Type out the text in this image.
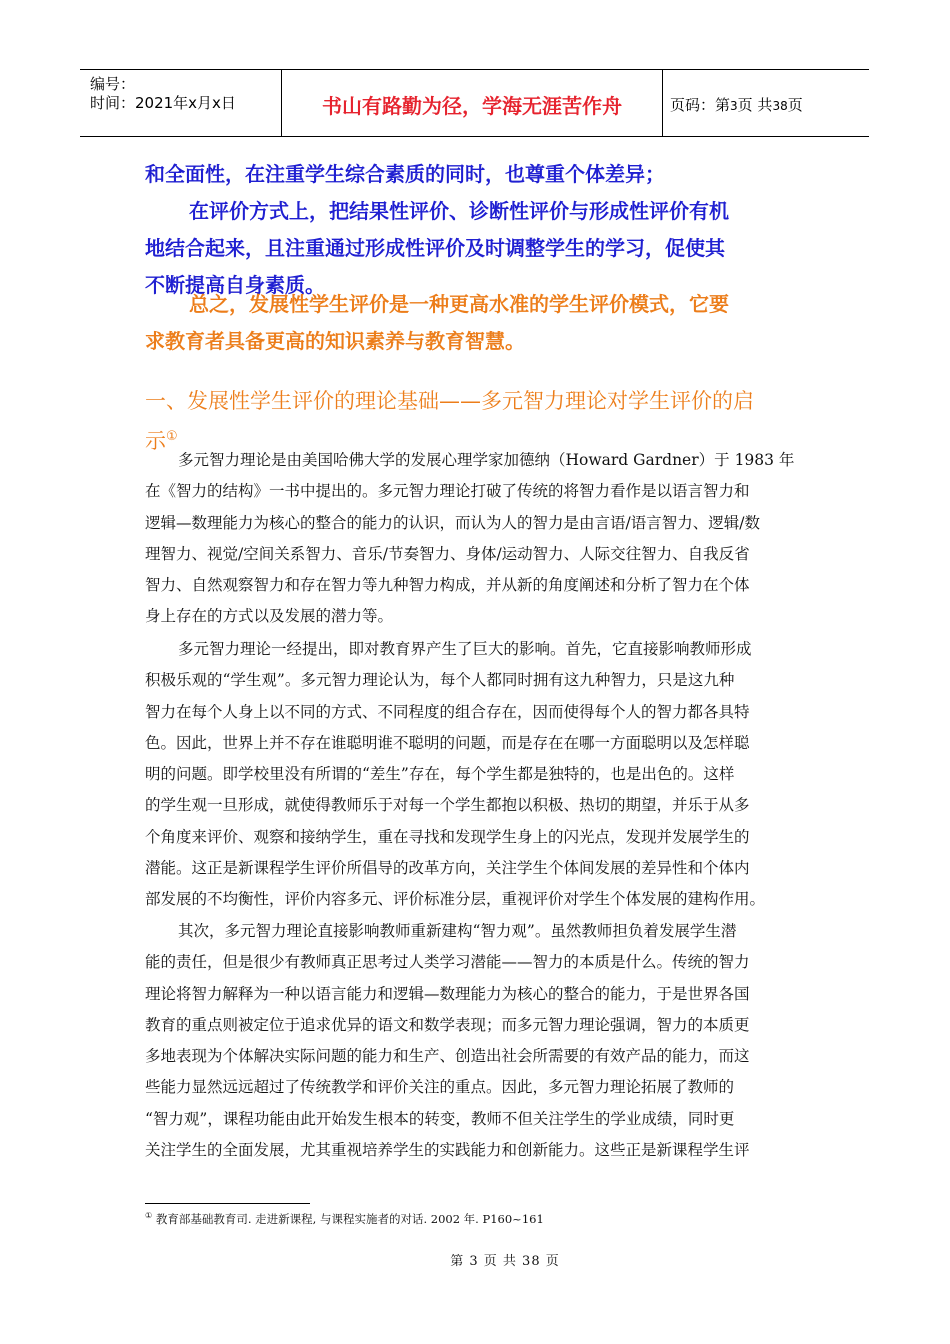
编号：
时间：2021年x月x日	书山有路勤为径，学海无涯苦作舟	页码：第3页 共38页
和全面性，在注重学生综合素质的同时，也尊重个体差异；
在评价方式上，把结果性评价、诊断性评价与形成性评价有机
地结合起来，且注重通过形成性评价及时调整学生的学习，促使其
不断提高自身素质。
总之，发展性学生评价是一种更高水准的学生评价模式，它要
求教育者具备更高的知识素养与教育智慧。
一、发展性学生评价的理论基础——多元智力理论对学生评价的启
示①
多元智力理论是由美国哈佛大学的发展心理学家加德纳（Howard Gardner）于 1983 年
在《智力的结构》一书中提出的。多元智力理论打破了传统的将智力看作是以语言智力和
逻辑—数理能力为核心的整合的能力的认识，而认为人的智力是由言语/语言智力、逻辑/数
理智力、视觉/空间关系智力、音乐/节奏智力、身体/运动智力、人际交往智力、自我反省
智力、自然观察智力和存在智力等九种智力构成，并从新的角度阐述和分析了智力在个体
身上存在的方式以及发展的潜力等。
多元智力理论一经提出，即对教育界产生了巨大的影响。首先，它直接影响教师形成
积极乐观的“学生观”。多元智力理论认为，每个人都同时拥有这九种智力，只是这九种
智力在每个人身上以不同的方式、不同程度的组合存在，因而使得每个人的智力都各具特
色。因此，世界上并不存在谁聪明谁不聪明的问题，而是存在在哪一方面聪明以及怎样聪
明的问题。即学校里没有所谓的“差生”存在，每个学生都是独特的，也是出色的。这样
的学生观一旦形成，就使得教师乐于对每一个学生都抱以积极、热切的期望，并乐于从多
个角度来评价、观察和接纳学生，重在寻找和发现学生身上的闪光点，发现并发展学生的
潜能。这正是新课程学生评价所倡导的改革方向，关注学生个体间发展的差异性和个体内
部发展的不均衡性，评价内容多元、评价标准分层，重视评价对学生个体发展的建构作用。
其次，多元智力理论直接影响教师重新建构“智力观”。虽然教师担负着发展学生潜
能的责任，但是很少有教师真正思考过人类学习潜能——智力的本质是什么。传统的智力
理论将智力解释为一种以语言能力和逻辑—数理能力为核心的整合的能力，于是世界各国
教育的重点则被定位于追求优异的语文和数学表现；而多元智力理论强调，智力的本质更
多地表现为个体解决实际问题的能力和生产、创造出社会所需要的有效产品的能力，而这
些能力显然远远超过了传统教学和评价关注的重点。因此，多元智力理论拓展了教师的
“智力观”，课程功能由此开始发生根本的转变，教师不但关注学生的学业成绩，同时更
关注学生的全面发展，尤其重视培养学生的实践能力和创新能力。这些正是新课程学生评
① 教育部基础教育司. 走进新课程, 与课程实施者的对话. 2002 年. P160~161
第 3 页 共 38 页
